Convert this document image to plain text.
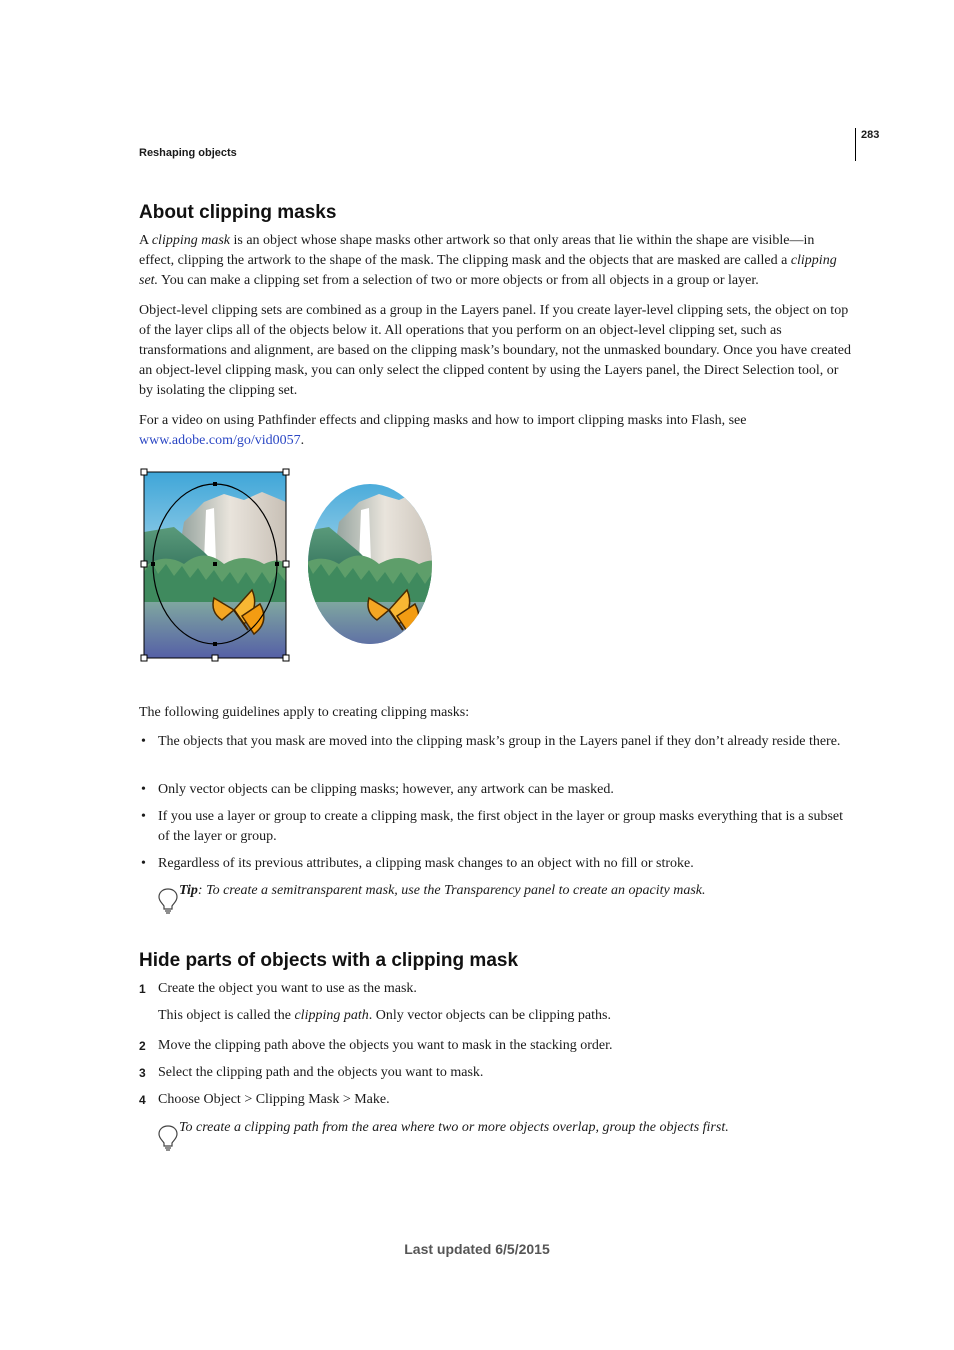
283
Reshaping objects
About clipping masks
A clipping mask is an object whose shape masks other artwork so that only areas that lie within the shape are visible—in effect, clipping the artwork to the shape of the mask. The clipping mask and the objects that are masked are called a clipping set. You can make a clipping set from a selection of two or more objects or from all objects in a group or layer.
Object-level clipping sets are combined as a group in the Layers panel. If you create layer-level clipping sets, the object on top of the layer clips all of the objects below it. All operations that you perform on an object-level clipping set, such as transformations and alignment, are based on the clipping mask’s boundary, not the unmasked boundary. Once you have created an object-level clipping mask, you can only select the clipped content by using the Layers panel, the Direct Selection tool, or by isolating the clipping set.
For a video on using Pathfinder effects and clipping masks and how to import clipping masks into Flash, see www.adobe.com/go/vid0057.
The following guidelines apply to creating clipping masks:
• The objects that you mask are moved into the clipping mask’s group in the Layers panel if they don’t already reside there.
• Only vector objects can be clipping masks; however, any artwork can be masked.
• If you use a layer or group to create a clipping mask, the first object in the layer or group masks everything that is a subset of the layer or group.
• Regardless of its previous attributes, a clipping mask changes to an object with no fill or stroke.
Tip: To create a semitransparent mask, use the Transparency panel to create an opacity mask.
Hide parts of objects with a clipping mask
1 Create the object you want to use as the mask.
This object is called the clipping path. Only vector objects can be clipping paths.
2 Move the clipping path above the objects you want to mask in the stacking order.
3 Select the clipping path and the objects you want to mask.
4 Choose Object > Clipping Mask > Make.
To create a clipping path from the area where two or more objects overlap, group the objects first.
Last updated 6/5/2015
